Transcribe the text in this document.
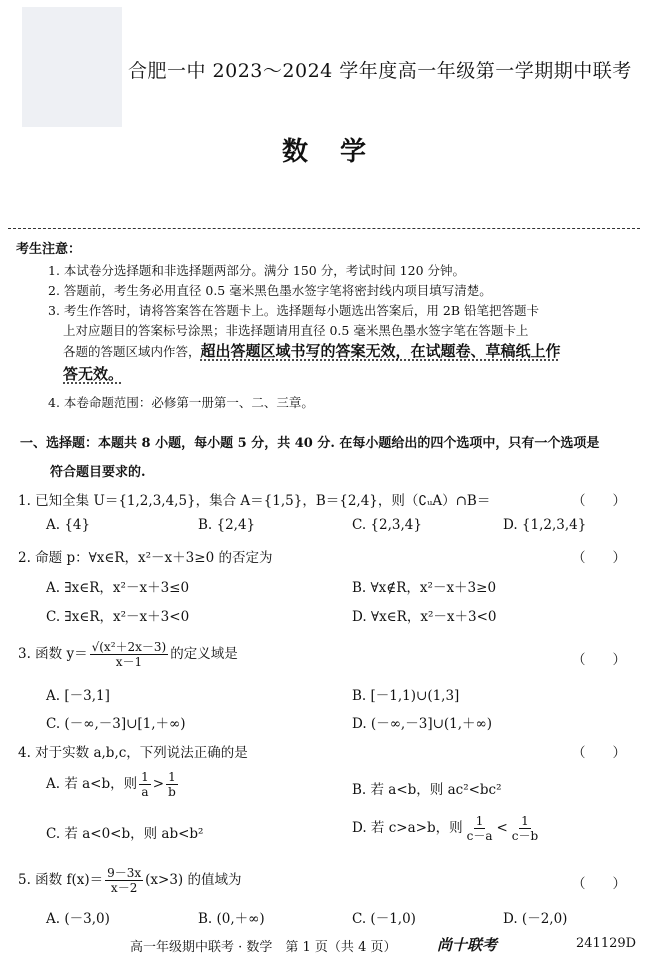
合肥一中 2023～2024 学年度高一年级第一学期期中联考
数学
考生注意：
1. 本试卷分选择题和非选择题两部分。满分 150 分，考试时间 120 分钟。
2. 答题前，考生务必用直径 0.5 毫米黑色墨水签字笔将密封线内项目填写清楚。
3. 考生作答时，请将答案答在答题卡上。选择题每小题选出答案后，用 2B 铅笔把答题卡
上对应题目的答案标号涂黑；非选择题请用直径 0.5 毫米黑色墨水签字笔在答题卡上
各题的答题区域内作答，超出答题区域书写的答案无效，在试题卷、草稿纸上作
答无效。
4. 本卷命题范围：必修第一册第一、二、三章。
一、选择题：本题共 8 小题，每小题 5 分，共 40 分. 在每小题给出的四个选项中，只有一个选项是
符合题目要求的.
1. 已知全集 U＝{1,2,3,4,5}，集合 A＝{1,5}，B＝{2,4}，则（∁ᵤA）∩B＝	（　　）
A. {4}	B. {2,4}	C. {2,3,4}	D. {1,2,3,4}
2. 命题 p：∀x∈R，x²－x＋3≥0 的否定为	（　　）
A. ∃x∈R，x²－x＋3≤0	B. ∀x∉R，x²－x＋3≥0
C. ∃x∈R，x²－x＋3<0	D. ∀x∈R，x²－x＋3<0
3. 函数 $y= \frac{\text{√(x²＋2x－3)}}{x-1}$ 的定义域是	（　　）
A. [－3,1]	B. [－1,1)∪(1,3]
C. (－∞,－3]∪[1,＋∞)	D. (－∞,－3]∪(1,＋∞)
4. 对于实数 a,b,c，下列说法正确的是	（　　）
A. 若 a<b，则 $\frac{1}{a} > \frac{1}{b}$	B. 若 a<b，则 ac²<bc²
C. 若 a<0<b，则 ab<b²	D. 若 c>a>b，则 $\frac{1}{c-a} < \frac{1}{c-b}$
5. 函数 $f(x)= \frac{9-3x}{x-2} (x>3)$ 的值域为	（　　）
A. (－3,0)	B. (0,＋∞)	C. (－1,0)	D. (－2,0)
高一年级期中联考 · 数学　第 1 页（共 4 页）	尚十联考	241129D
